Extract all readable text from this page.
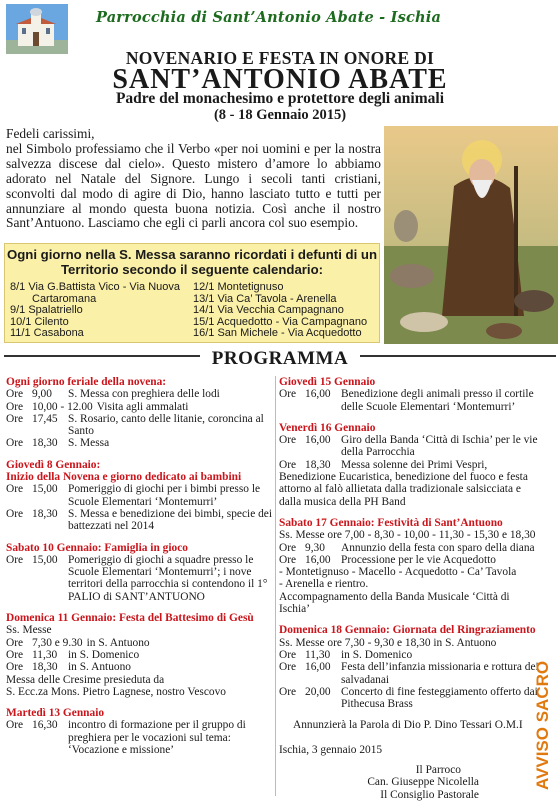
Parrocchia di Sant’Antonio Abate - Ischia
NOVENARIO E FESTA IN ONORE DI
SANT’ANTONIO ABATE
Padre del monachesimo e protettore degli animali
(8 - 18 Gennaio 2015)

Fedeli carissimi,

nel Simbolo professiamo che il Verbo «per noi uomini e per la nostra salvezza discese dal cielo». Questo mistero d’amore lo abbiamo adorato nel Natale del Signore. Lungo i secoli tanti cristiani, sconvolti dal modo di agire di Dio, hanno lasciato tutto e tutti per annunziare al mondo questa buona notizia. Così anche il nostro Sant’Antuono. Lasciamo che egli ci parli ancora col suo esempio.

Ogni giorno nella S. Messa saranno ricordati i defunti di un Territorio secondo il seguente calendario:
8/1 Via G.Battista Vico - Via Nuova
Cartaromana
9/1 Spalatriello
10/1 Cilento
11/1 Casabona
12/1 Montetignuso
13/1 Via Ca’ Tavola - Arenella
14/1 Via Vecchia Campagnano
15/1 Acquedotto - Via Campagnano
16/1 San Michele - Via Acquedotto
PROGRAMMA
Ogni giorno feriale della novena:
Ore 9,00	S. Messa con preghiera delle lodi
Ore 10,00 - 12.00 Visita agli ammalati
Ore 17,45 S. Rosario, canto delle litanie, coroncina al Santo
Ore 18,30 S. Messa
Giovedì 8 Gennaio:
Inizio della Novena e giorno dedicato ai bambini
Ore 15,00 Pomeriggio di giochi per i bimbi presso le Scuole Elementari ‘Montemurri’
Ore 18,30 S. Messa e benedizione dei bimbi, specie dei battezzati nel 2014
Sabato 10 Gennaio: Famiglia in gioco
Ore 15,00 Pomeriggio di giochi a squadre presso le Scuole Elementari ‘Montemurri’; i nove territori della parrocchia si contendono il 1° PALIO di SANT’ANTUONO
Domenica 11 Gennaio: Festa del Battesimo di Gesù
Ss. Messe
Ore 7,30 e 9.30 in S. Antuono
Ore 11,30 in S. Domenico
Ore 18,30 in S. Antuono
Messa delle Cresime presieduta da
S. Ecc.za Mons. Pietro Lagnese, nostro Vescovo
Martedì 13 Gennaio
Ore 16,30 incontro di formazione per il gruppo di preghiera per le vocazioni sul tema: ‘Vocazione e missione’
Giovedì 15 Gennaio
Ore 16,00 Benedizione degli animali presso il cortile delle Scuole Elementari ‘Montemurri’
Venerdì 16 Gennaio
Ore 16,00 Giro della Banda ‘Città di Ischia’ per le vie della Parrocchia
Ore 18,30 Messa solenne dei Primi Vespri,
Benedizione Eucaristica, benedizione del fuoco e festa attorno al falò allietata dalla tradizionale salsicciata e dalla musica della PH Band
Sabato 17 Gennaio: Festività di Sant’Antuono
Ss. Messe ore 7,00 - 8,30 - 10,00 - 11,30 - 15,30 e 18,30
Ore 9,30	Annunzio della festa con sparo della diana
Ore 16,00 Processione per le vie Acquedotto
- Montetignuso - Macello - Acquedotto - Ca’ Tavola
- Arenella e rientro.
Accompagnamento della Banda Musicale ‘Città di Ischia’
Domenica 18 Gennaio: Giornata del Ringraziamento
Ss. Messe ore 7,30 - 9,30 e 18,30 in S. Antuono
Ore 11,30 in S. Domenico
Ore 16,00 Festa dell’infanzia missionaria e rottura dei salvadanai
Ore 20,00 Concerto di fine festeggiamento offerto dai Pithecusa Brass
Annunzierà la Parola di Dio P. Dino Tessari O.M.I
Ischia, 3 gennaio 2015
Il Parroco
Can. Giuseppe Nicolella
Il Consiglio Pastorale
AVVISO SACRO
